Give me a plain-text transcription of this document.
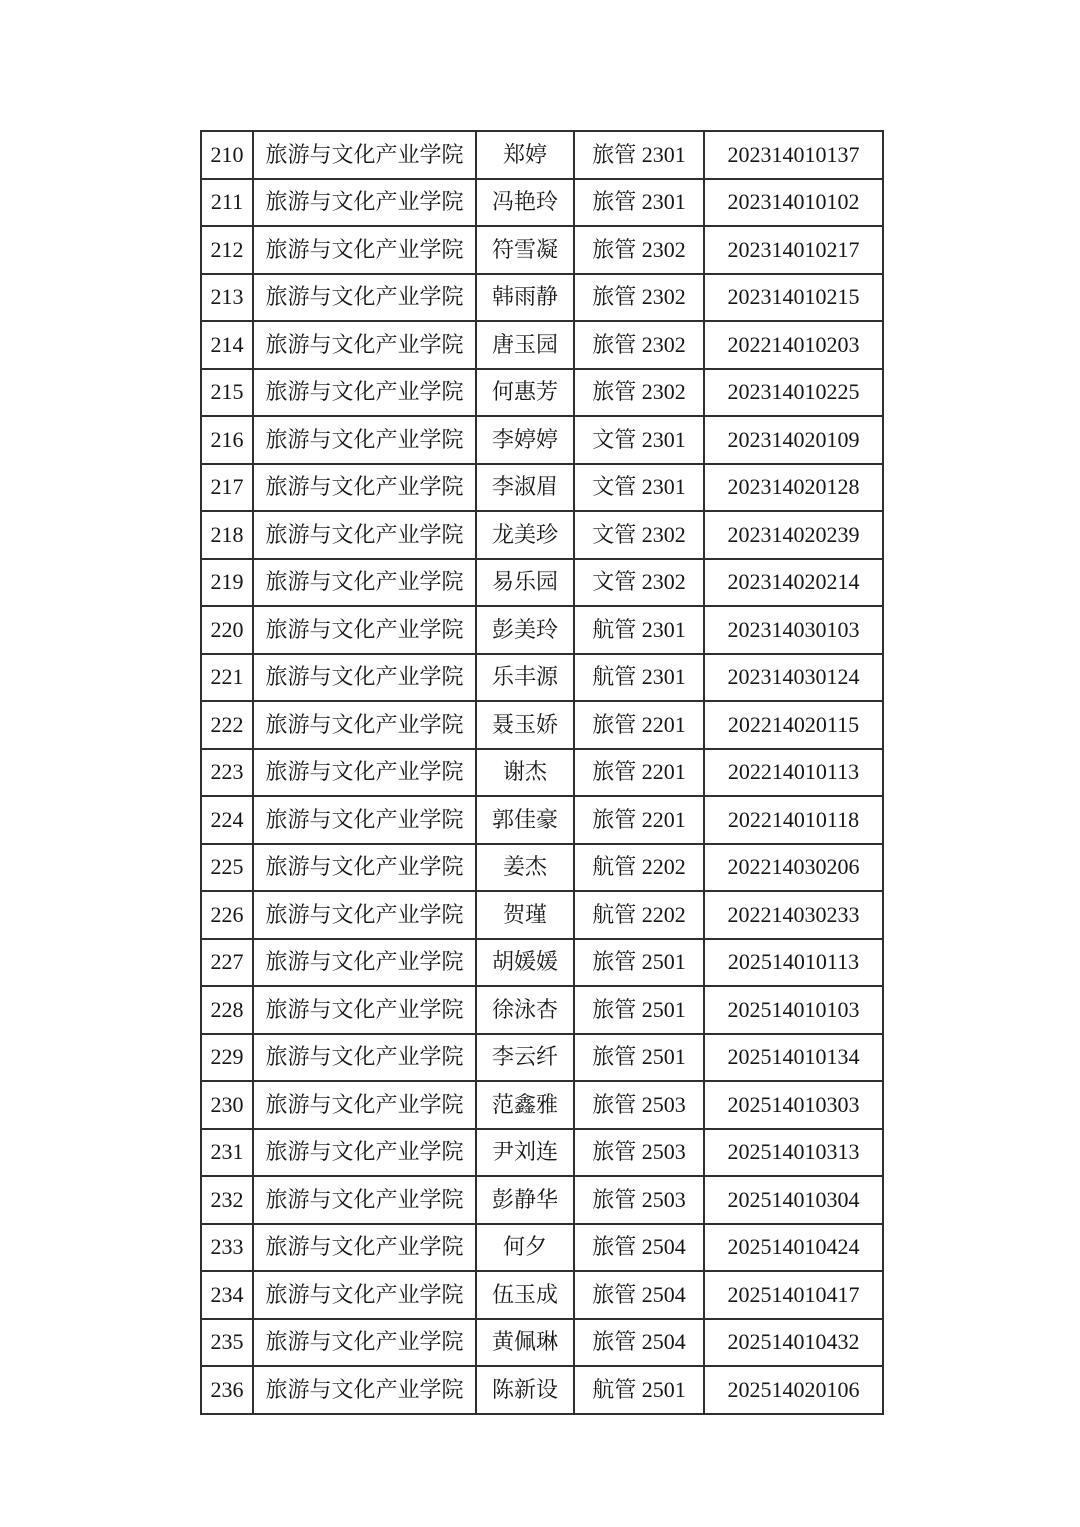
210	旅游与文化产业学院	郑婷	旅管 2301	202314010137
211	旅游与文化产业学院	冯艳玲	旅管 2301	202314010102
212	旅游与文化产业学院	符雪凝	旅管 2302	202314010217
213	旅游与文化产业学院	韩雨静	旅管 2302	202314010215
214	旅游与文化产业学院	唐玉园	旅管 2302	202214010203
215	旅游与文化产业学院	何惠芳	旅管 2302	202314010225
216	旅游与文化产业学院	李婷婷	文管 2301	202314020109
217	旅游与文化产业学院	李淑眉	文管 2301	202314020128
218	旅游与文化产业学院	龙美珍	文管 2302	202314020239
219	旅游与文化产业学院	易乐园	文管 2302	202314020214
220	旅游与文化产业学院	彭美玲	航管 2301	202314030103
221	旅游与文化产业学院	乐丰源	航管 2301	202314030124
222	旅游与文化产业学院	聂玉娇	旅管 2201	202214020115
223	旅游与文化产业学院	谢杰	旅管 2201	202214010113
224	旅游与文化产业学院	郭佳豪	旅管 2201	202214010118
225	旅游与文化产业学院	姜杰	航管 2202	202214030206
226	旅游与文化产业学院	贺瑾	航管 2202	202214030233
227	旅游与文化产业学院	胡媛媛	旅管 2501	202514010113
228	旅游与文化产业学院	徐泳杏	旅管 2501	202514010103
229	旅游与文化产业学院	李云纤	旅管 2501	202514010134
230	旅游与文化产业学院	范鑫雅	旅管 2503	202514010303
231	旅游与文化产业学院	尹刘连	旅管 2503	202514010313
232	旅游与文化产业学院	彭静华	旅管 2503	202514010304
233	旅游与文化产业学院	何夕	旅管 2504	202514010424
234	旅游与文化产业学院	伍玉成	旅管 2504	202514010417
235	旅游与文化产业学院	黄佩琳	旅管 2504	202514010432
236	旅游与文化产业学院	陈新设	航管 2501	202514020106
